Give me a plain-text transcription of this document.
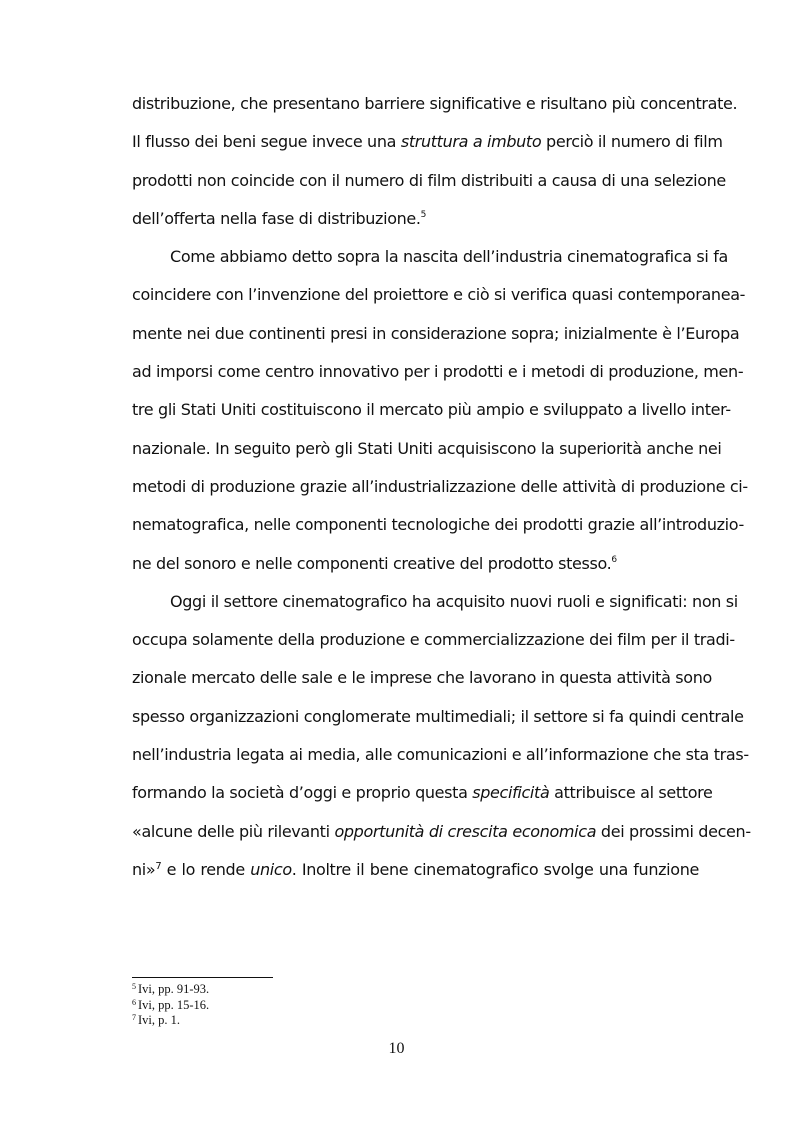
distribuzione, che presentano barriere significative e risultano più concentrate.
Il flusso dei beni segue invece una struttura a imbuto perciò il numero di film
prodotti non coincide con il numero di film distribuiti a causa di una selezione
dell’offerta nella fase di distribuzione.$^5$
Come abbiamo detto sopra la nascita dell’industria cinematografica si fa
coincidere con l’invenzione del proiettore e ciò si verifica quasi contemporanea-
mente nei due continenti presi in considerazione sopra; inizialmente è l’Europa
ad imporsi come centro innovativo per i prodotti e i metodi di produzione, men-
tre gli Stati Uniti costituiscono il mercato più ampio e sviluppato a livello inter-
nazionale. In seguito però gli Stati Uniti acquisiscono la superiorità anche nei
metodi di produzione grazie all’industrializzazione delle attività di produzione ci-
nematografica, nelle componenti tecnologiche dei prodotti grazie all’introduzio-
ne del sonoro e nelle componenti creative del prodotto stesso.$^6$
Oggi il settore cinematografico ha acquisito nuovi ruoli e significati: non si
occupa solamente della produzione e commercializzazione dei film per il tradi-
zionale mercato delle sale e le imprese che lavorano in questa attività sono
spesso organizzazioni conglomerate multimediali; il settore si fa quindi centrale
nell’industria legata ai media, alle comunicazioni e all’informazione che sta tras-
formando la società d’oggi e proprio questa specificità attribuisce al settore
«alcune delle più rilevanti opportunità di crescita economica dei prossimi decen-
ni»$^7$ e lo rende unico. Inoltre il bene cinematografico svolge una funzione
$^5$ Ivi, pp. 91-93.
$^6$ Ivi, pp. 15-16.
$^7$ Ivi, p. 1.
10
